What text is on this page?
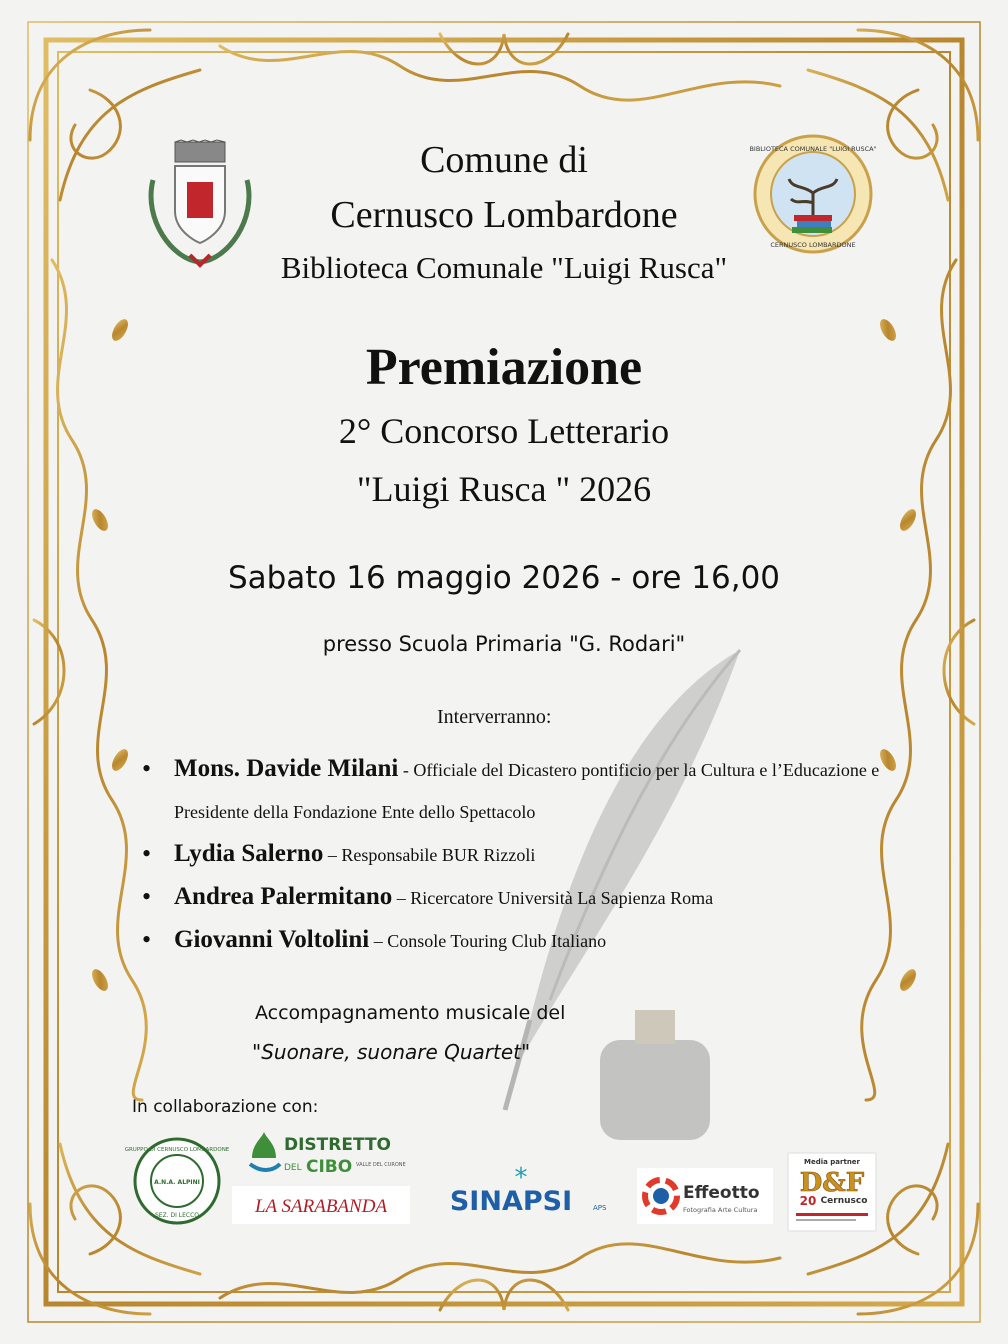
BIBLIOTECA COMUNALE "LUIGI RUSCA"
CERNUSCO LOMBARDONE
Comune di
Cernusco Lombardone
Biblioteca Comunale "Luigi Rusca"
Premiazione
2° Concorso Letterario
"Luigi Rusca " 2026
Sabato 16 maggio 2026 - ore 16,00
presso Scuola Primaria "G. Rodari"
Interverranno:
• Mons. Davide Milani - Officiale del Dicastero pontificio per la Cultura e l’Educazione e Presidente della Fondazione Ente dello Spettacolo
• Lydia Salerno – Responsabile BUR Rizzoli
• Andrea Palermitano – Ricercatore Università La Sapienza Roma
• Giovanni Voltolini – Console Touring Club Italiano
Accompagnamento musicale del
"Suonare, suonare Quartet"
In collaborazione con:
GRUPPO DI CERNUSCO LOMBARDONE
SEZ. DI LECCO
A.N.A. ALPINI
DISTRETTO
DEL CIBO VALLE DEL CURONE
LA SARABANDA
*
SINAPSI	APS
Effeotto
Fotografia Arte Cultura
Media partner
D&F
20 Cernusco
